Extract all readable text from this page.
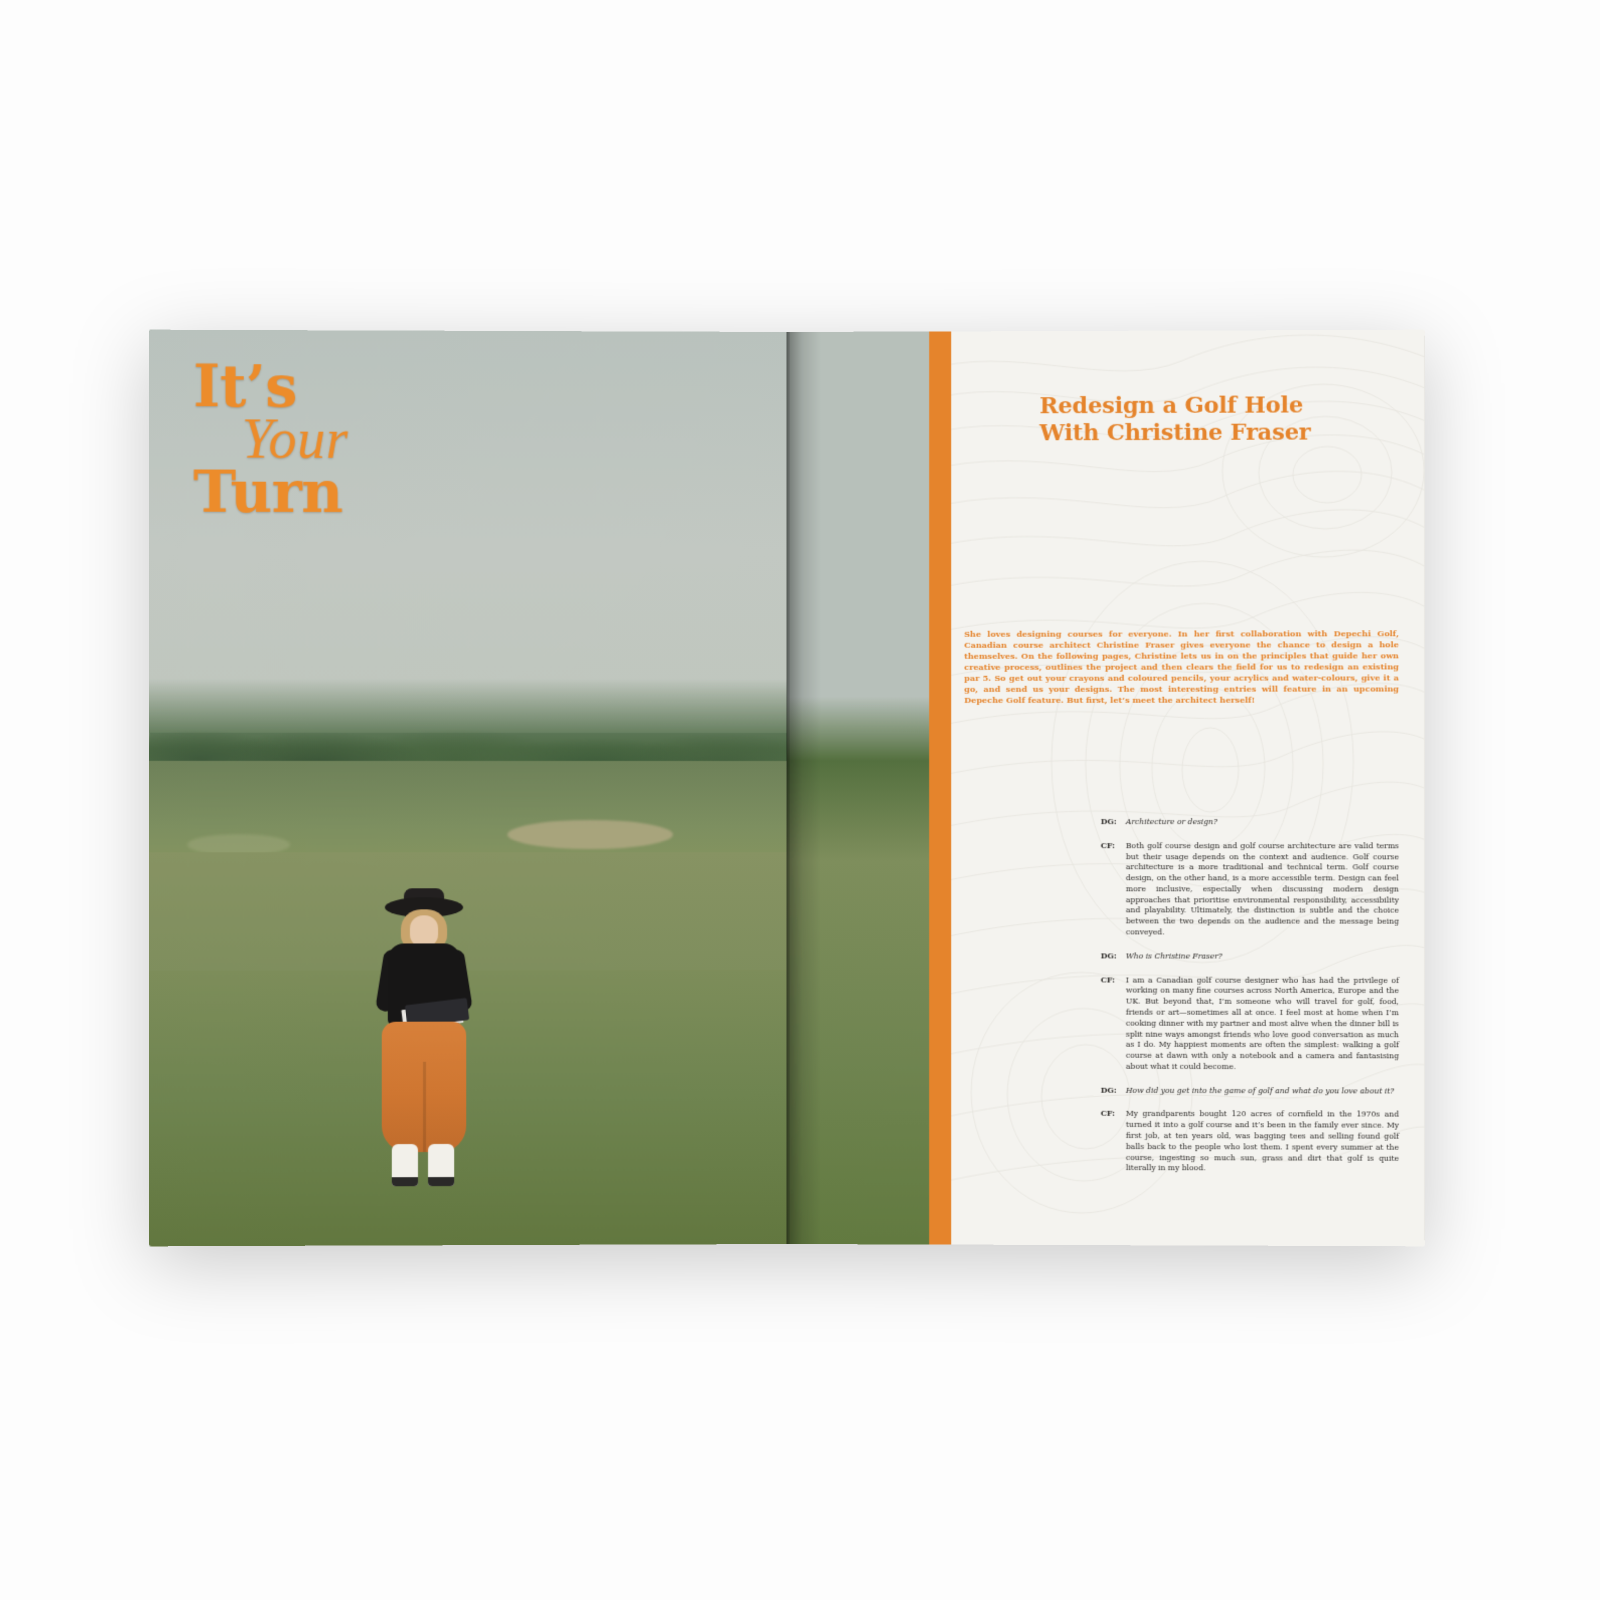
It’s
Your
Turn
Redesign a Golf Hole
With Christine Fraser
She loves designing courses for everyone. In her first collaboration with Depechi Golf, Canadian course architect Christine Fraser gives everyone the chance to design a hole themselves. On the following pages, Christine lets us in on the principles that guide her own creative process, outlines the project and then clears the field for us to redesign an existing par 5. So get out your crayons and coloured pencils, your acrylics and water-colours, give it a go, and send us your designs. The most interesting entries will feature in an upcoming Depeche Golf feature. But first, let’s meet the architect herself!
DG:	Architecture or design?
CF:	Both golf course design and golf course architecture are valid terms but their usage depends on the context and audience. Golf course architecture is a more traditional and technical term. Golf course design, on the other hand, is a more accessible term. Design can feel more inclusive, especially when discussing modern design approaches that prioritise environmental responsibility, accessibility and playability. Ultimately, the distinction is subtle and the choice between the two depends on the audience and the message being conveyed.
DG:	Who is Christine Fraser?
CF:	I am a Canadian golf course designer who has had the privilege of working on many fine courses across North America, Europe and the UK. But beyond that, I’m someone who will travel for golf, food, friends or art—sometimes all at once. I feel most at home when I’m cooking dinner with my partner and most alive when the dinner bill is split nine ways amongst friends who love good conversation as much as I do. My happiest moments are often the simplest: walking a golf course at dawn with only a notebook and a camera and fantasising about what it could become.
DG:	How did you get into the game of golf and what do you love about it?
CF:	My grandparents bought 120 acres of cornfield in the 1970s and turned it into a golf course and it’s been in the family ever since. My first job, at ten years old, was bagging tees and selling found golf balls back to the people who lost them. I spent every summer at the course, ingesting so much sun, grass and dirt that golf is quite literally in my blood.
